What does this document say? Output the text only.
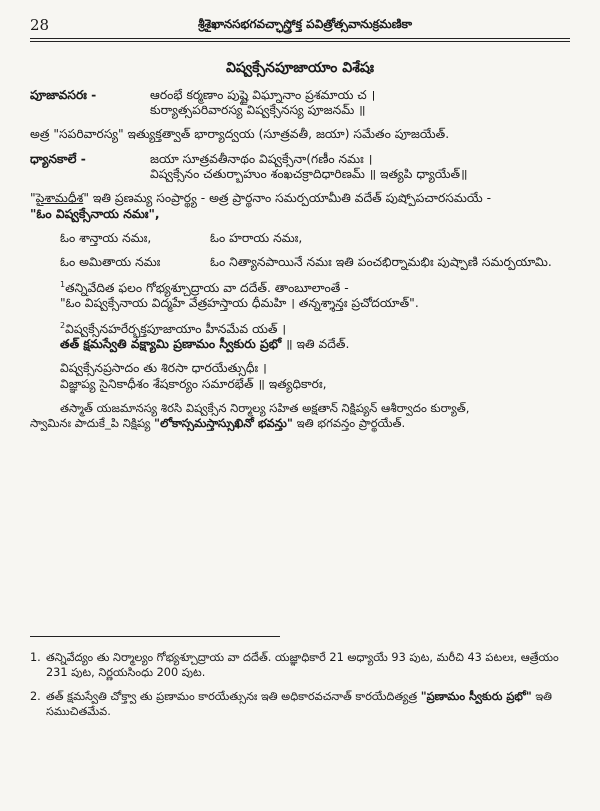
28	శ్రీశైఖానసభగవచ్ఛాస్త్రోక్త పవిత్రోత్సవానుక్రమణికా
విష్వక్సేనపూజాయాం విశేషః
పూజావసరః -	ఆరంభే కర్మణాం పుష్టై విఘ్నానాం ప్రశమాయ చ ।
కుర్యాత్సపరివారస్య విష్వక్సేనస్య పూజనమ్ ॥
అత్ర "సపరివారస్య" ఇత్యుక్తత్వాత్ భార్యాద్వయ (సూత్రవతీ, జయా) సమేతం పూజయేత్.
ధ్యానకాలే -	జయా సూత్రవతీనాథం విష్వక్సేనా(గణీం నమః ।
విష్వక్సేనం చతుర్బాహుం శంఖచక్రాదిధారిణమ్ ॥ ఇత్యపి ధ్యాయేత్॥
"పైశామధీశ" ఇతి ప్రణమ్య సంప్రార్థ్య - అత్ర ప్రార్థనాం సమర్పయామీతి వదేత్ పుష్పోపచారసమయే -
"ఓం విష్వక్సేనాయ నమః",
ఓం శాన్తాయ నమః,	ఓం హరాయ నమః,
ఓం అమితాయ నమః	ఓం నిత్యానపాయినే నమః ఇతి పంచభిర్నామభిః పుష్పాణి సమర్పయామి.
$^1$తన్నివేదిత ఫలం గోభ్యశ్చూద్రాయ వా దదేత్. తాంబూలాంతే -
"ఓం విష్వక్సేనాయ విద్మహే వేత్రహస్తాయ ధీమహి । తన్నశ్శాన్తః ప్రచోదయాత్".
$^2$విష్వక్సేనహరేర్భక్తపూజాయాం హీనమేవ యత్ ।
తత్ క్షమస్వేతి వక్ష్యామి ప్రణామం స్వీకురు ప్రభో ॥ ఇతి వదేత్.
విష్వక్సేనప్రసాదం తు శిరసా ధారయేత్సుధీః ।
విజ్ఞాప్య సైనికాధీశం శేషకార్యం సమారభేత్ ॥ ఇత్యధికారః,
తస్మాత్ యజమానస్య శిరసి విష్వక్సేన నిర్మాల్య సహిత అక్షతాన్ నిక్షిప్యన్ ఆశీర్వాదం కుర్యాత్,
స్వామినః పాదుకే_పి నిక్షిప్య "లోకాస్సమస్తాస్సుఖినో భవన్తు" ఇతి భగవన్తం ప్రార్థయేత్.
1. తన్నివేద్యం తు నిర్మాల్యం గోభ్యశ్చూద్రాయ వా దదేత్. యజ్ఞాధికారే 21 అధ్యాయే 93 పుట, మరీచి 43 పటలః, ఆత్రేయం 231 పుట, నిర్ణయసింధు 200 పుట.
2. తత్ క్షమస్వేతి చోక్త్వా తు ప్రణామం కారయేత్సునః ఇతి అధికారవచనాత్ కారయేదిత్యత్ర "ప్రణామం స్వీకురు ప్రభో" ఇతి సముచితమేవ.
